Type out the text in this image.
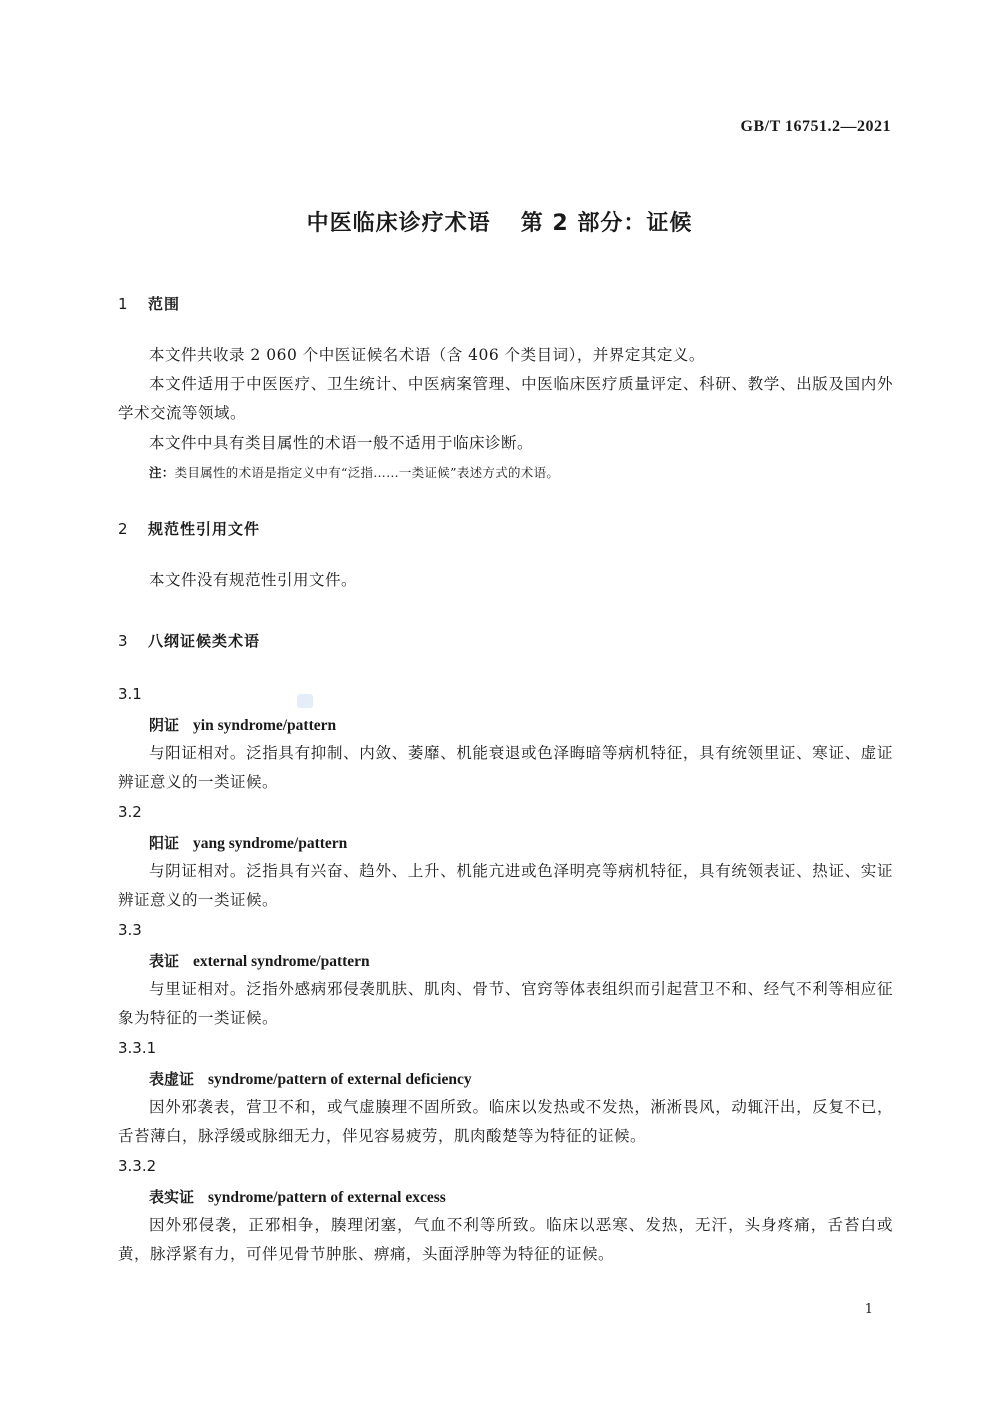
GB/T 16751.2—2021
中医临床诊疗术语 第 2 部分：证候
1 范围
本文件共收录 2 060 个中医证候名术语（含 406 个类目词），并界定其定义。
本文件适用于中医医疗、卫生统计、中医病案管理、中医临床医疗质量评定、科研、教学、出版及国内外学术交流等领域。
本文件中具有类目属性的术语一般不适用于临床诊断。
注：类目属性的术语是指定义中有“泛指……一类证候”表述方式的术语。
2 规范性引用文件
本文件没有规范性引用文件。
3 八纲证候类术语
3.1
阴证 yin syndrome/pattern
与阳证相对。泛指具有抑制、内敛、萎靡、机能衰退或色泽晦暗等病机特征，具有统领里证、寒证、虚证辨证意义的一类证候。
3.2
阳证 yang syndrome/pattern
与阴证相对。泛指具有兴奋、趋外、上升、机能亢进或色泽明亮等病机特征，具有统领表证、热证、实证辨证意义的一类证候。
3.3
表证 external syndrome/pattern
与里证相对。泛指外感病邪侵袭肌肤、肌肉、骨节、官窍等体表组织而引起营卫不和、经气不利等相应征象为特征的一类证候。
3.3.1
表虚证 syndrome/pattern of external deficiency
因外邪袭表，营卫不和，或气虚腠理不固所致。临床以发热或不发热，淅淅畏风，动辄汗出，反复不已，舌苔薄白，脉浮缓或脉细无力，伴见容易疲劳，肌肉酸楚等为特征的证候。
3.3.2
表实证 syndrome/pattern of external excess
因外邪侵袭，正邪相争，腠理闭塞，气血不利等所致。临床以恶寒、发热，无汗，头身疼痛，舌苔白或黄，脉浮紧有力，可伴见骨节肿胀、痹痛，头面浮肿等为特征的证候。
1
